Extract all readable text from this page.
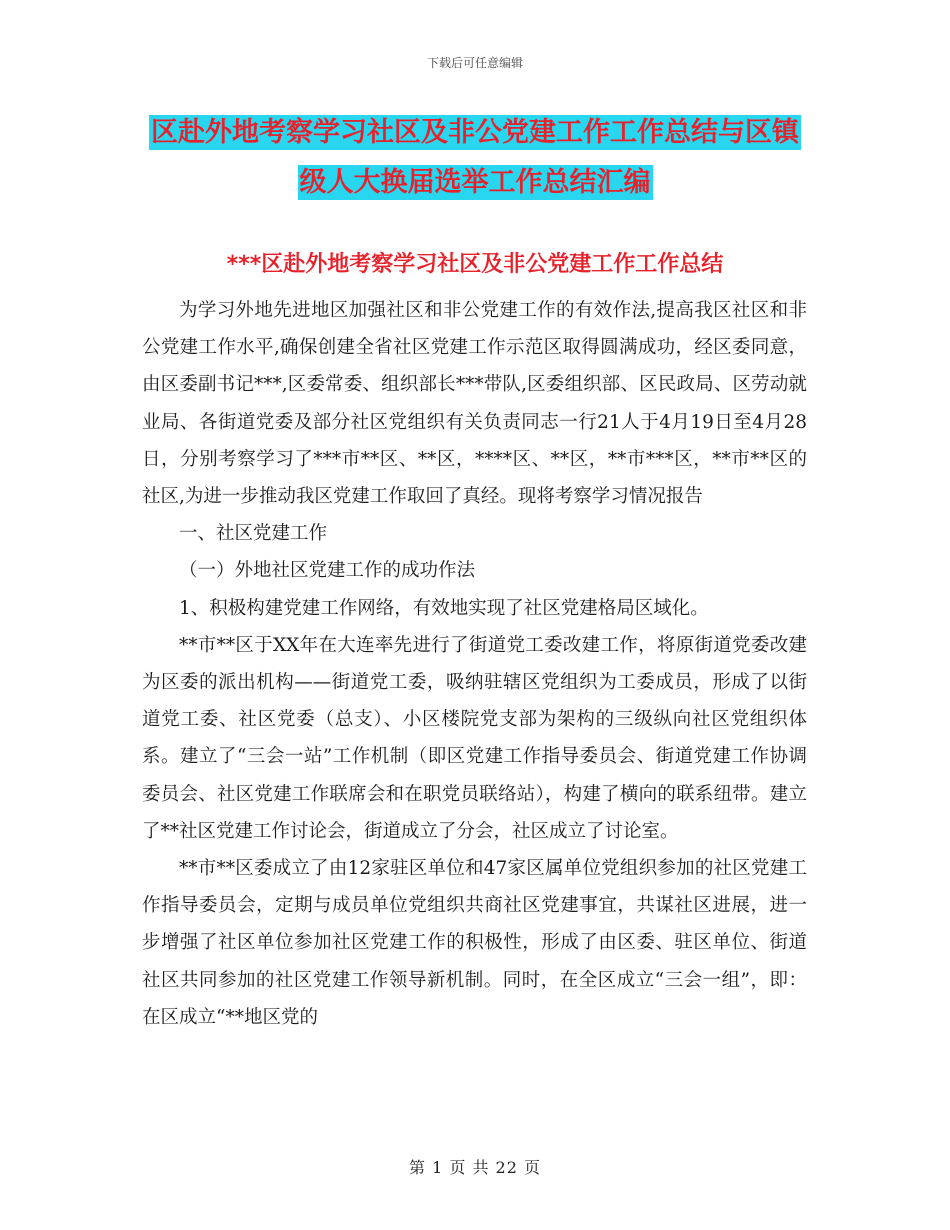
下载后可任意编辑
区赴外地考察学习社区及非公党建工作工作总结与区镇级人大换届选举工作总结汇编
***区赴外地考察学习社区及非公党建工作工作总结

为学习外地先进地区加强社区和非公党建工作的有效作法,提高我区社区和非公党建工作水平,确保创建全省社区党建工作示范区取得圆满成功，经区委同意，由区委副书记***,区委常委、组织部长***带队,区委组织部、区民政局、区劳动就业局、各街道党委及部分社区党组织有关负责同志一行21人于4月19日至4月28日，分别考察学习了***市**区、**区，****区、**区，**市***区，**市**区的社区,为进一步推动我区党建工作取回了真经。现将考察学习情况报告

一、社区党建工作

（一）外地社区党建工作的成功作法

1、积极构建党建工作网络，有效地实现了社区党建格局区域化。

**市**区于XX年在大连率先进行了街道党工委改建工作，将原街道党委改建为区委的派出机构——街道党工委，吸纳驻辖区党组织为工委成员，形成了以街道党工委、社区党委（总支）、小区楼院党支部为架构的三级纵向社区党组织体系。建立了“三会一站”工作机制（即区党建工作指导委员会、街道党建工作协调委员会、社区党建工作联席会和在职党员联络站），构建了横向的联系纽带。建立了**社区党建工作讨论会，街道成立了分会，社区成立了讨论室。

**市**区委成立了由12家驻区单位和47家区属单位党组织参加的社区党建工作指导委员会，定期与成员单位党组织共商社区党建事宜，共谋社区进展，进一步增强了社区单位参加社区党建工作的积极性，形成了由区委、驻区单位、街道社区共同参加的社区党建工作领导新机制。同时，在全区成立“三会一组”，即：在区成立“**地区党的

第 1 页 共 22 页
